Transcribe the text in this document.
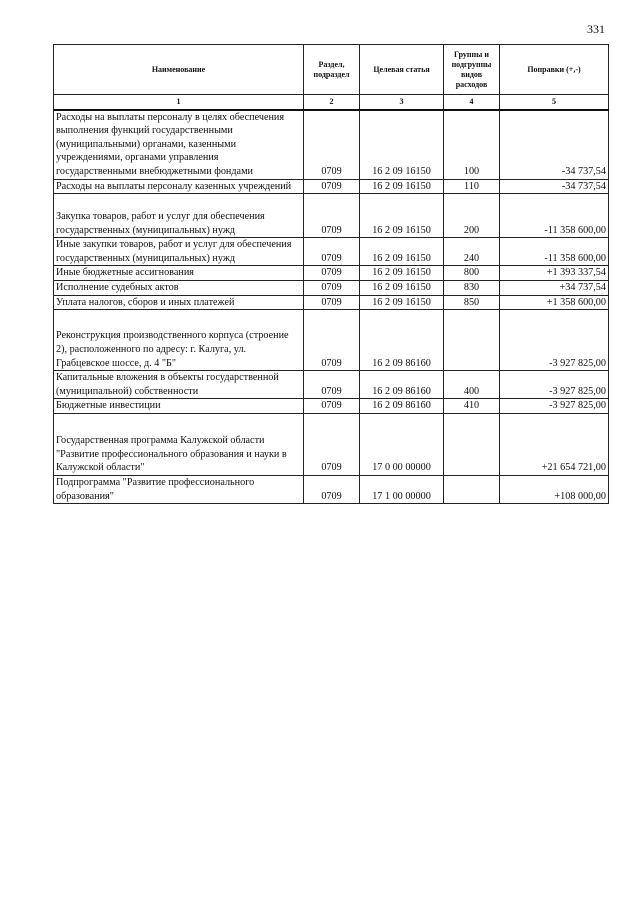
331
Наименование	Раздел, подраздел	Целевая статья	Группы и подгруппы видов расходов	Поправки (+,-)
1	2	3	4	5
Расходы на выплаты персоналу в целях обеспечения выполнения функций государственными (муниципальными) органами, казенными учреждениями, органами управления государственными внебюджетными фондами	0709	16 2 09 16150	100	-34 737,54
Расходы на выплаты персоналу казенных учреждений	0709	16 2 09 16150	110	-34 737,54
Закупка товаров, работ и услуг для обеспечения государственных (муниципальных) нужд	0709	16 2 09 16150	200	-11 358 600,00
Иные закупки товаров, работ и услуг для обеспечения государственных (муниципальных) нужд	0709	16 2 09 16150	240	-11 358 600,00
Иные бюджетные ассигнования	0709	16 2 09 16150	800	+1 393 337,54
Исполнение судебных актов	0709	16 2 09 16150	830	+34 737,54
Уплата налогов, сборов и иных платежей	0709	16 2 09 16150	850	+1 358 600,00
Реконструкция производственного корпуса (строение 2), расположенного по адресу: г. Калуга, ул. Грабцевское шоссе, д. 4 "Б"	0709	16 2 09 86160		-3 927 825,00
Капитальные вложения в объекты государственной (муниципальной) собственности	0709	16 2 09 86160	400	-3 927 825,00
Бюджетные инвестиции	0709	16 2 09 86160	410	-3 927 825,00
Государственная программа Калужской области "Развитие профессионального образования и науки в Калужской области"	0709	17 0 00 00000		+21 654 721,00
Подпрограмма "Развитие профессионального образования"	0709	17 1 00 00000		+108 000,00
